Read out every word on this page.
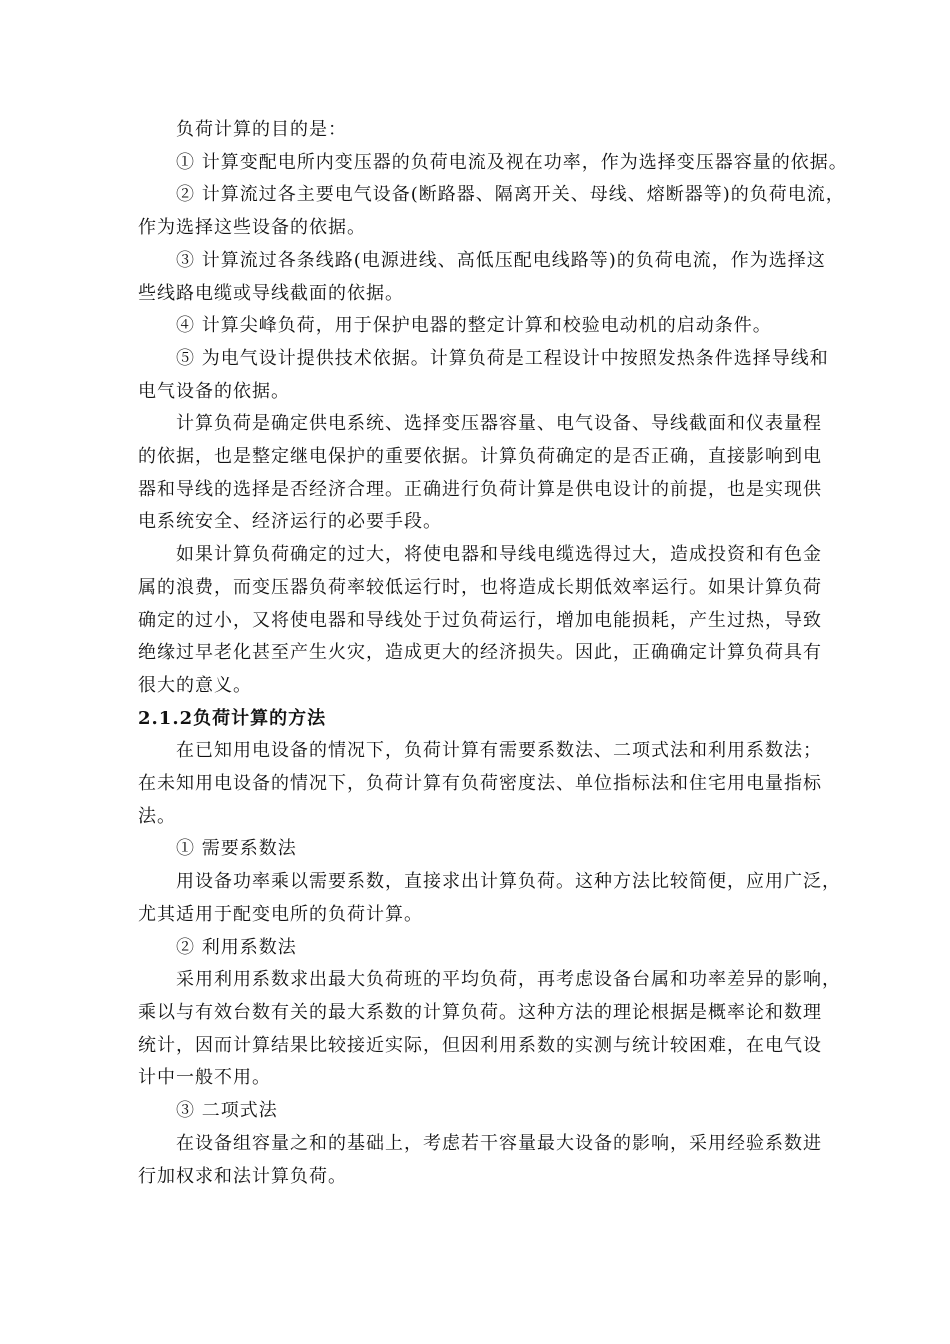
负荷计算的目的是：

① 计算变配电所内变压器的负荷电流及视在功率，作为选择变压器容量的依据。
② 计算流过各主要电气设备(断路器、隔离开关、母线、熔断器等)的负荷电流，
作为选择这些设备的依据。
③ 计算流过各条线路(电源进线、高低压配电线路等)的负荷电流，作为选择这
些线路电缆或导线截面的依据。
④ 计算尖峰负荷，用于保护电器的整定计算和校验电动机的启动条件。
⑤ 为电气设计提供技术依据。计算负荷是工程设计中按照发热条件选择导线和
电气设备的依据。
计算负荷是确定供电系统、选择变压器容量、电气设备、导线截面和仪表量程
的依据，也是整定继电保护的重要依据。计算负荷确定的是否正确，直接影响到电
器和导线的选择是否经济合理。正确进行负荷计算是供电设计的前提，也是实现供
电系统安全、经济运行的必要手段。
如果计算负荷确定的过大，将使电器和导线电缆选得过大，造成投资和有色金
属的浪费，而变压器负荷率较低运行时，也将造成长期低效率运行。如果计算负荷
确定的过小，又将使电器和导线处于过负荷运行，增加电能损耗，产生过热，导致
绝缘过早老化甚至产生火灾，造成更大的经济损失。因此，正确确定计算负荷具有
很大的意义。

2.1.2负荷计算的方法

在已知用电设备的情况下，负荷计算有需要系数法、二项式法和利用系数法；
在未知用电设备的情况下，负荷计算有负荷密度法、单位指标法和住宅用电量指标
法。

① 需要系数法

用设备功率乘以需要系数，直接求出计算负荷。这种方法比较简便，应用广泛，
尤其适用于配变电所的负荷计算。

② 利用系数法

采用利用系数求出最大负荷班的平均负荷，再考虑设备台属和功率差异的影响，
乘以与有效台数有关的最大系数的计算负荷。这种方法的理论根据是概率论和数理
统计，因而计算结果比较接近实际，但因利用系数的实测与统计较困难，在电气设
计中一般不用。

③ 二项式法

在设备组容量之和的基础上，考虑若干容量最大设备的影响，采用经验系数进
行加权求和法计算负荷。
